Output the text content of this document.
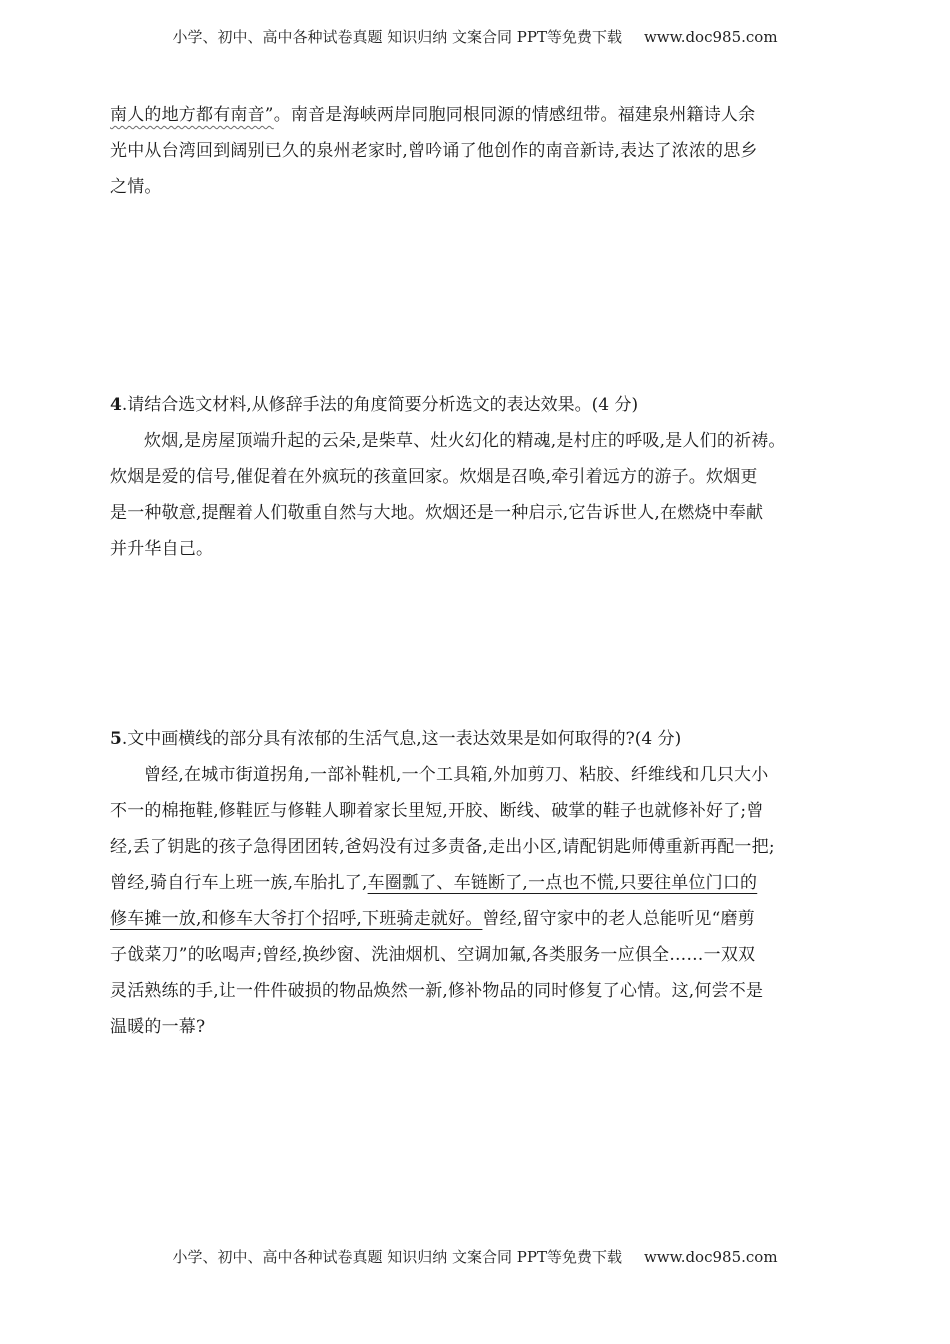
小学、初中、高中各种试卷真题 知识归纳 文案合同 PPT等免费下载 www.doc985.com
南人的地方都有南音”。南音是海峡两岸同胞同根同源的情感纽带。福建泉州籍诗人余
光中从台湾回到阔别已久的泉州老家时,曾吟诵了他创作的南音新诗,表达了浓浓的思乡
之情。
4.请结合选文材料,从修辞手法的角度简要分析选文的表达效果。(4 分)
炊烟,是房屋顶端升起的云朵,是柴草、灶火幻化的精魂,是村庄的呼吸,是人们的祈祷。
炊烟是爱的信号,催促着在外疯玩的孩童回家。炊烟是召唤,牵引着远方的游子。炊烟更
是一种敬意,提醒着人们敬重自然与大地。炊烟还是一种启示,它告诉世人,在燃烧中奉献
并升华自己。
5.文中画横线的部分具有浓郁的生活气息,这一表达效果是如何取得的?(4 分)
曾经,在城市街道拐角,一部补鞋机,一个工具箱,外加剪刀、粘胶、纤维线和几只大小
不一的棉拖鞋,修鞋匠与修鞋人聊着家长里短,开胶、断线、破掌的鞋子也就修补好了;曾
经,丢了钥匙的孩子急得团团转,爸妈没有过多责备,走出小区,请配钥匙师傅重新再配一把;
曾经,骑自行车上班一族,车胎扎了,车圈瓢了、车链断了,一点也不慌,只要往单位门口的
修车摊一放,和修车大爷打个招呼,下班骑走就好。曾经,留守家中的老人总能听见“磨剪
子戗菜刀”的吆喝声;曾经,换纱窗、洗油烟机、空调加氟,各类服务一应俱全……一双双
灵活熟练的手,让一件件破损的物品焕然一新,修补物品的同时修复了心情。这,何尝不是
温暖的一幕?
小学、初中、高中各种试卷真题 知识归纳 文案合同 PPT等免费下载 www.doc985.com
